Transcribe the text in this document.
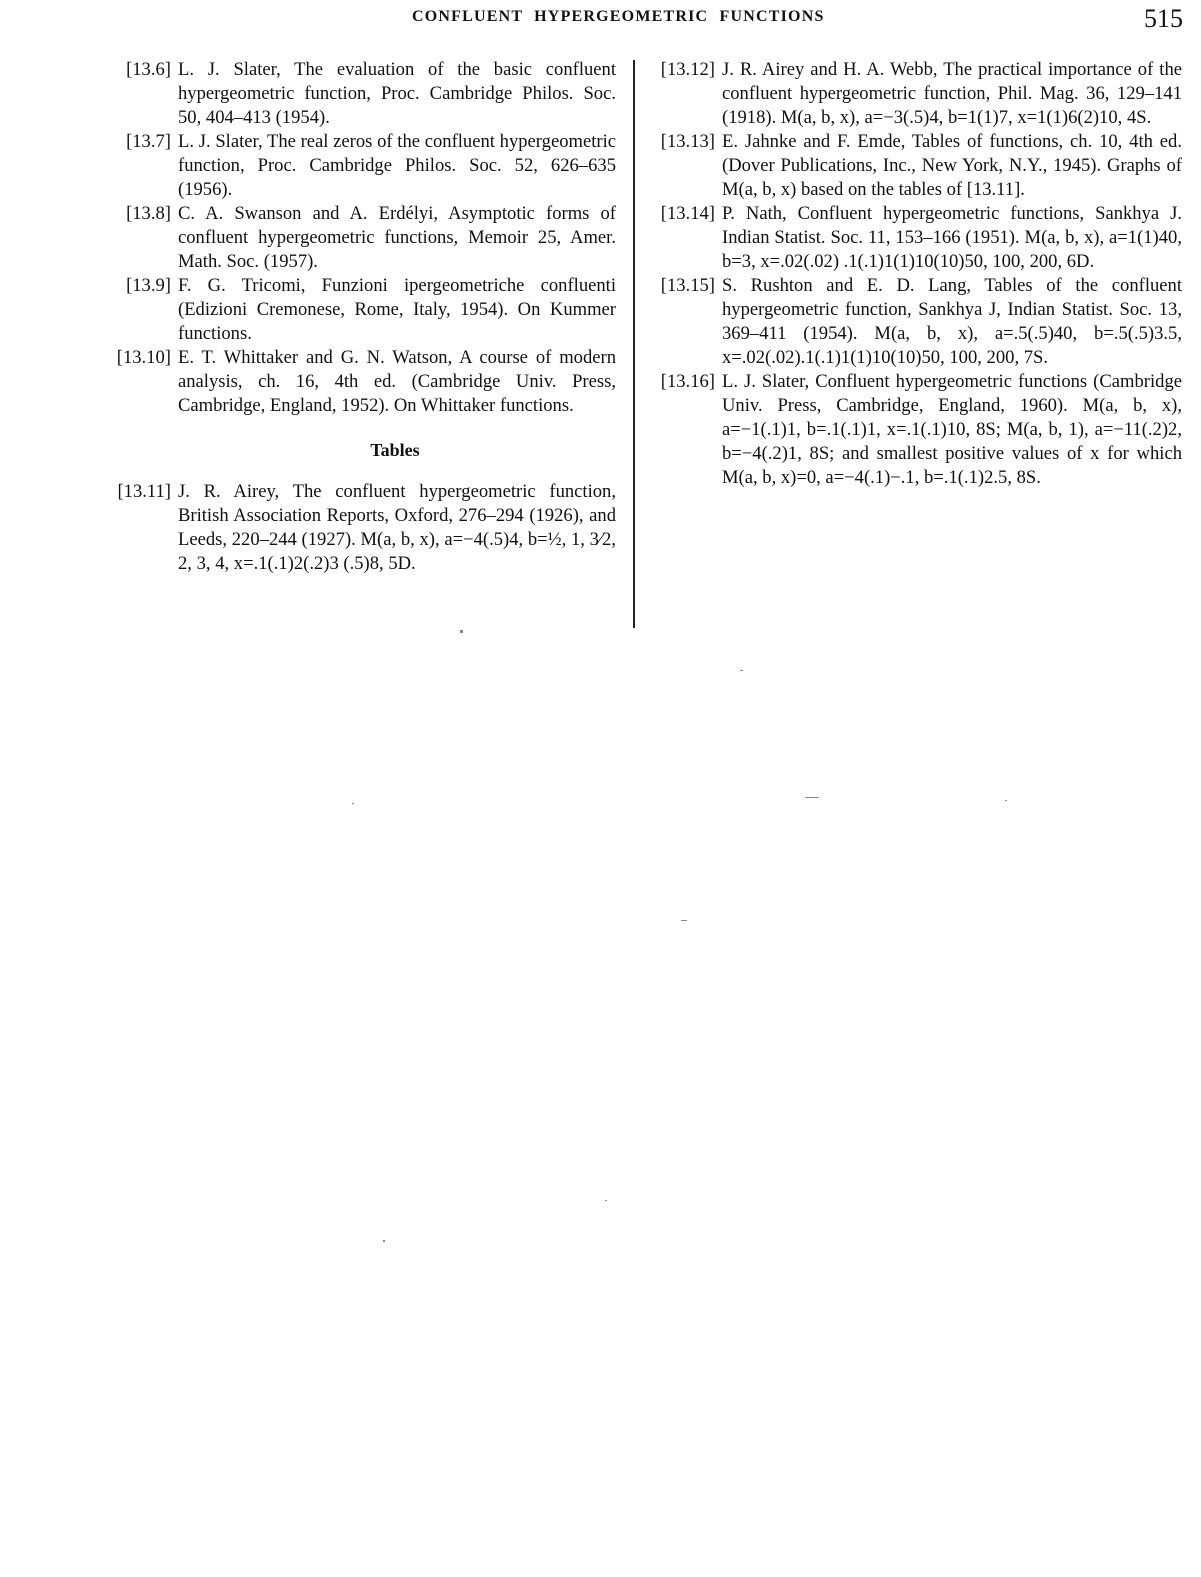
CONFLUENT HYPERGEOMETRIC FUNCTIONS	515
[13.6] L. J. Slater, The evaluation of the basic confluent hypergeometric function, Proc. Cambridge Philos. Soc. 50, 404–413 (1954).
[13.7] L. J. Slater, The real zeros of the confluent hypergeometric function, Proc. Cambridge Philos. Soc. 52, 626–635 (1956).
[13.8] C. A. Swanson and A. Erdélyi, Asymptotic forms of confluent hypergeometric functions, Memoir 25, Amer. Math. Soc. (1957).
[13.9] F. G. Tricomi, Funzioni ipergeometriche confluenti (Edizioni Cremonese, Rome, Italy, 1954). On Kummer functions.
[13.10] E. T. Whittaker and G. N. Watson, A course of modern analysis, ch. 16, 4th ed. (Cambridge Univ. Press, Cambridge, England, 1952). On Whittaker functions.
Tables
[13.11] J. R. Airey, The confluent hypergeometric function, British Association Reports, Oxford, 276–294 (1926), and Leeds, 220–244 (1927). M(a, b, x), a=−4(.5)4, b=½, 1, 3⁄2, 2, 3, 4, x=.1(.1)2(.2)3 (.5)8, 5D.
[13.12] J. R. Airey and H. A. Webb, The practical importance of the confluent hypergeometric function, Phil. Mag. 36, 129–141 (1918). M(a, b, x), a=−3(.5)4, b=1(1)7, x=1(1)6(2)10, 4S.
[13.13] E. Jahnke and F. Emde, Tables of functions, ch. 10, 4th ed. (Dover Publications, Inc., New York, N.Y., 1945). Graphs of M(a, b, x) based on the tables of [13.11].
[13.14] P. Nath, Confluent hypergeometric functions, Sankhya J. Indian Statist. Soc. 11, 153–166 (1951). M(a, b, x), a=1(1)40, b=3, x=.02(.02) .1(.1)1(1)10(10)50, 100, 200, 6D.
[13.15] S. Rushton and E. D. Lang, Tables of the confluent hypergeometric function, Sankhya J, Indian Statist. Soc. 13, 369–411 (1954). M(a, b, x), a=.5(.5)40, b=.5(.5)3.5, x=.02(.02).1(.1)1(1)10(10)50, 100, 200, 7S.
[13.16] L. J. Slater, Confluent hypergeometric functions (Cambridge Univ. Press, Cambridge, England, 1960). M(a, b, x), a=−1(.1)1, b=.1(.1)1, x=.1(.1)10, 8S; M(a, b, 1), a=−11(.2)2, b=−4(.2)1, 8S; and smallest positive values of x for which M(a, b, x)=0, a=−4(.1)−.1, b=.1(.1)2.5, 8S.
